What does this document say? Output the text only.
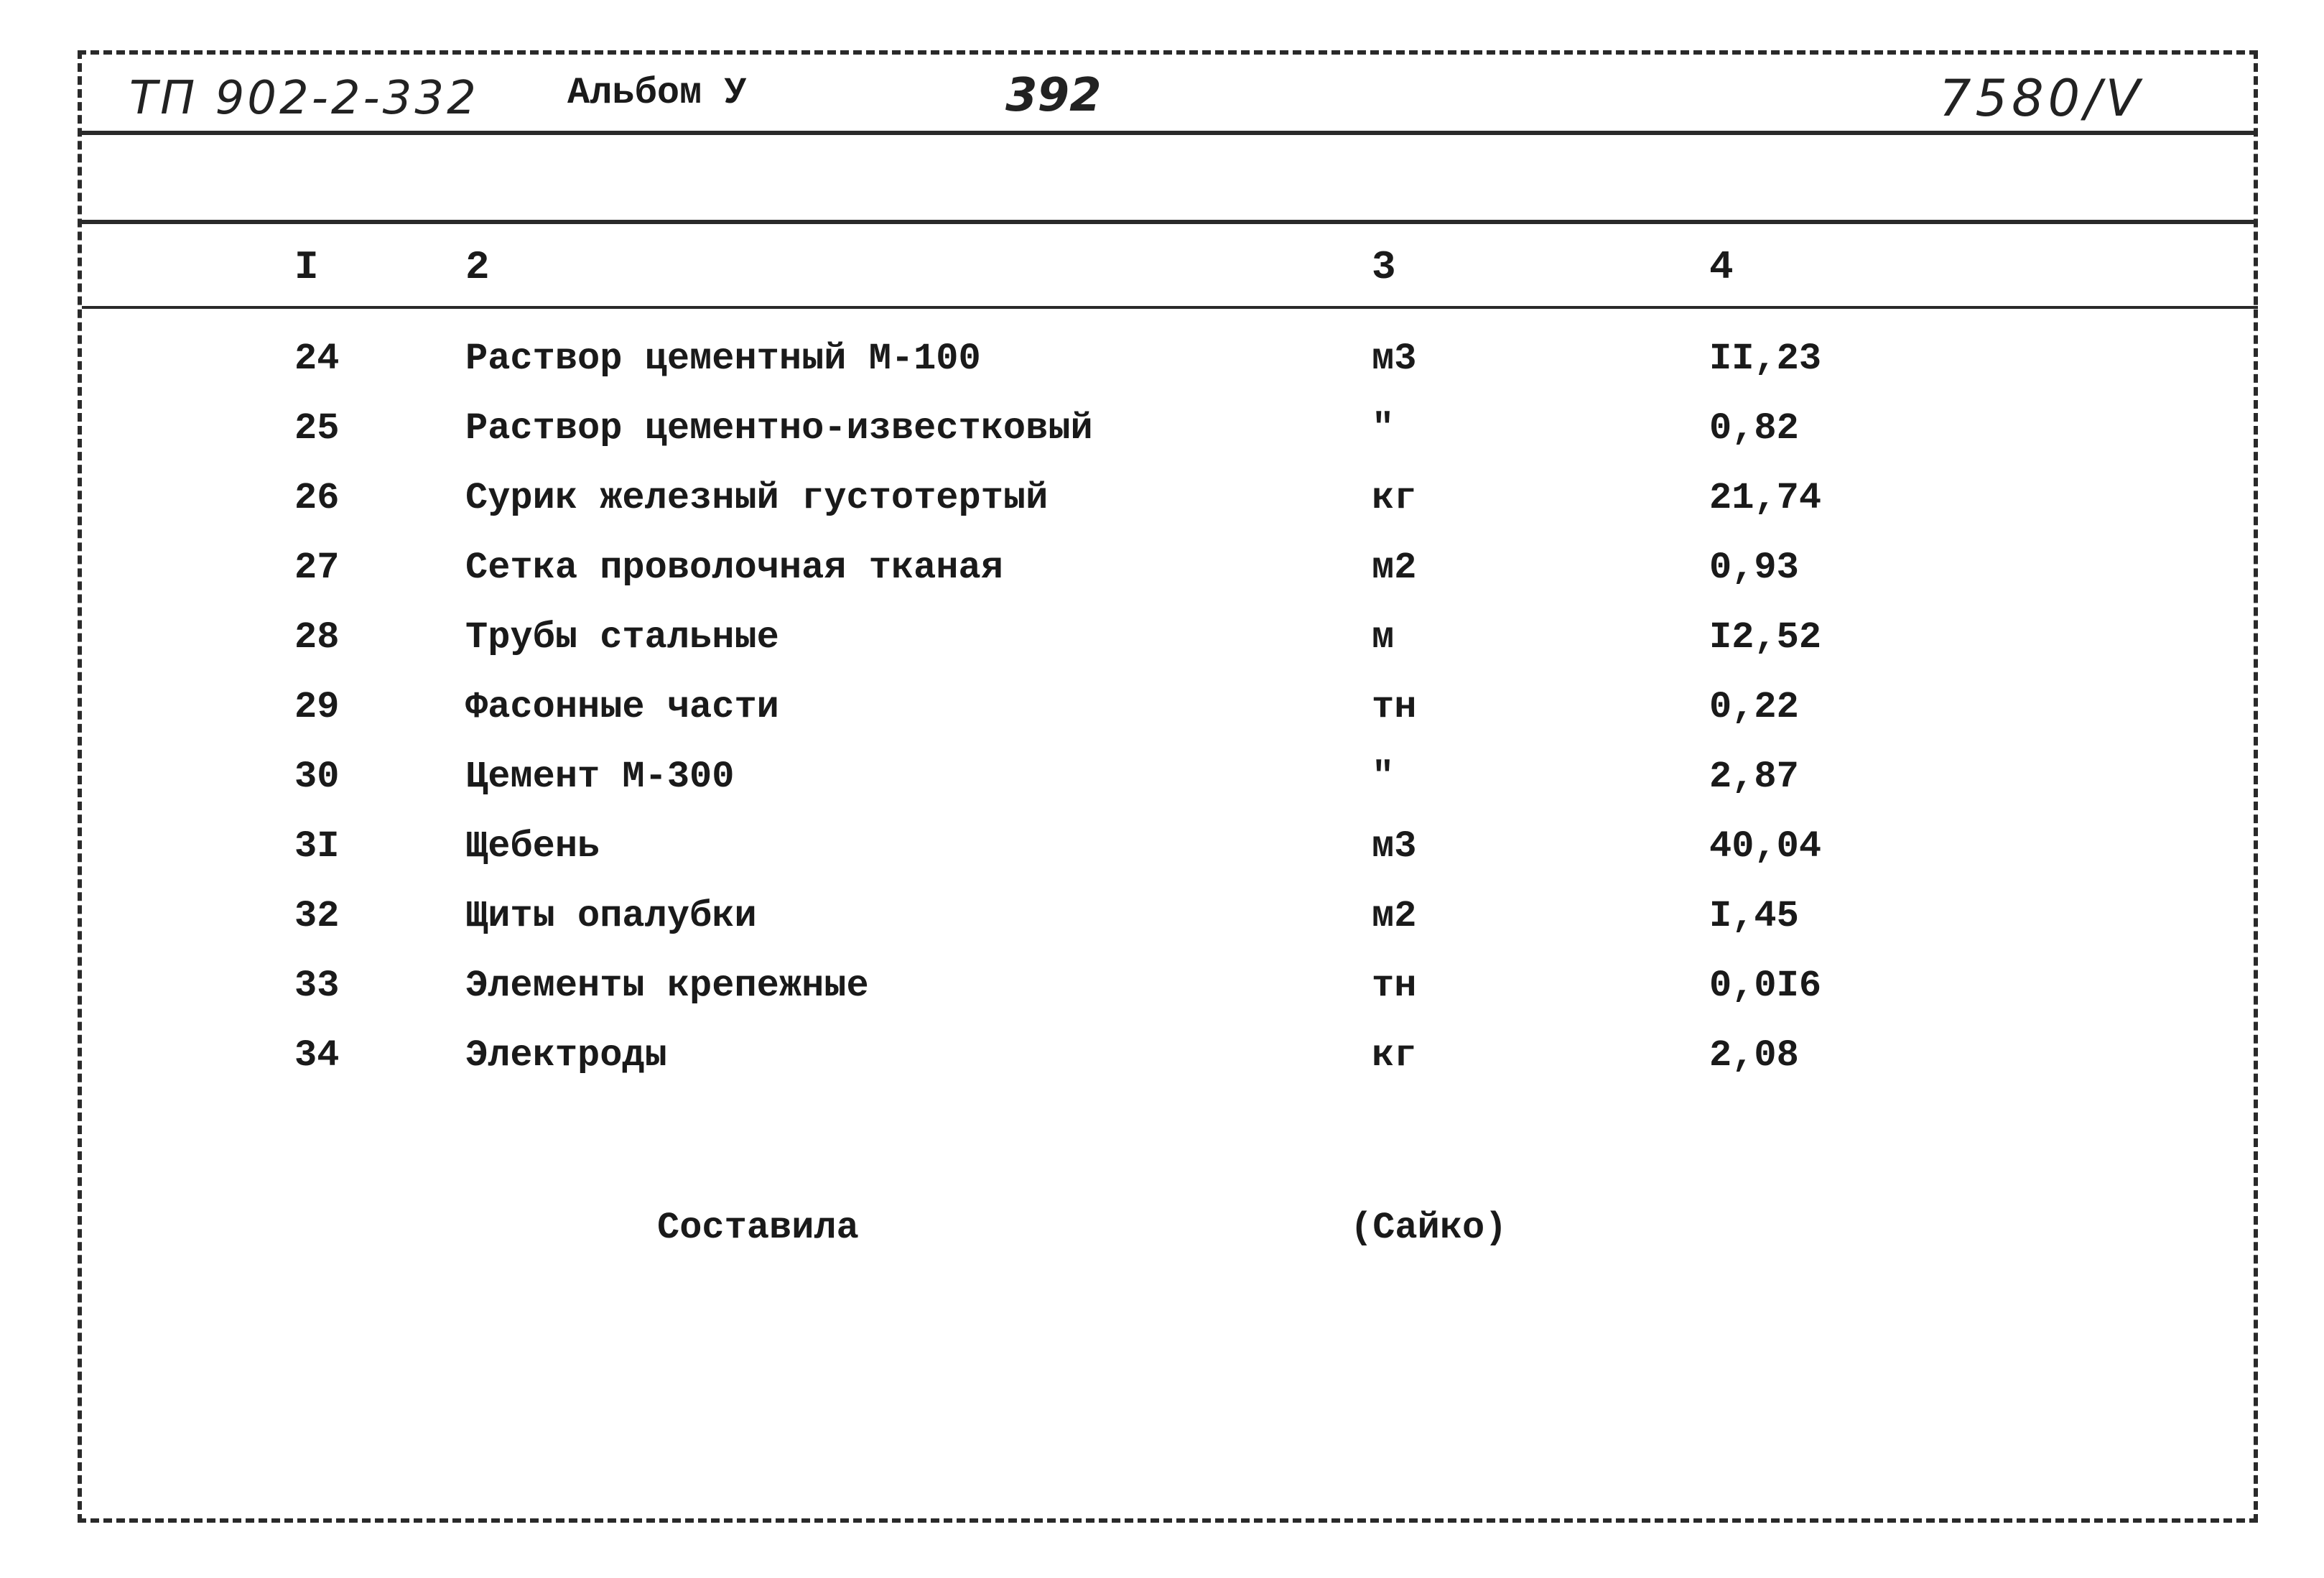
ТП 902-2-332 Альбом У	392	7580/V
I	2	3	4
24	Раствор цементный М-100	м3	II,23
25	Раствор цементно-известковый	"	0,82
26	Сурик железный густотертый	кг	21,74
27	Сетка проволочная тканая	м2	0,93
28	Трубы стальные	м	I2,52
29	Фасонные части	тн	0,22
30	Цемент М-300	"	2,87
3I	Щебень	м3	40,04
32	Щиты опалубки	м2	I,45
33	Элементы крепежные	тн	0,0I6
34	Электроды	кг	2,08
Составила	(Сайко)
